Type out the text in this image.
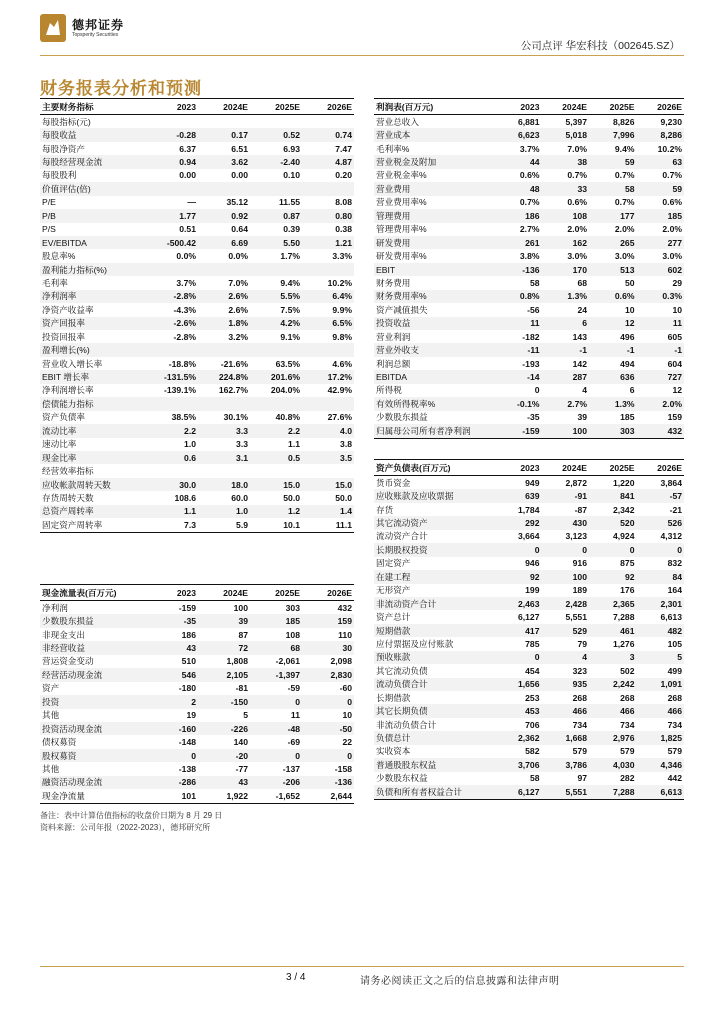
德邦证券
Topsperity Securities
公司点评 华宏科技（002645.SZ）
财务报表分析和预测
主要财务指标	2023	2024E	2025E	2026E
每股指标(元)				
每股收益	-0.28	0.17	0.52	0.74
每股净资产	6.37	6.51	6.93	7.47
每股经营现金流	0.94	3.62	-2.40	4.87
每股股利	0.00	0.00	0.10	0.20
价值评估(倍)				
P/E	—	35.12	11.55	8.08
P/B	1.77	0.92	0.87	0.80
P/S	0.51	0.64	0.39	0.38
EV/EBITDA	-500.42	6.69	5.50	1.21
股息率%	0.0%	0.0%	1.7%	3.3%
盈利能力指标(%)				
毛利率	3.7%	7.0%	9.4%	10.2%
净利润率	-2.8%	2.6%	5.5%	6.4%
净资产收益率	-4.3%	2.6%	7.5%	9.9%
资产回报率	-2.6%	1.8%	4.2%	6.5%
投资回报率	-2.8%	3.2%	9.1%	9.8%
盈利增长(%)				
营业收入增长率	-18.8%	-21.6%	63.5%	4.6%
EBIT 增长率	-131.5%	224.8%	201.6%	17.2%
净利润增长率	-139.1%	162.7%	204.0%	42.9%
偿债能力指标				
资产负债率	38.5%	30.1%	40.8%	27.6%
流动比率	2.2	3.3	2.2	4.0
速动比率	1.0	3.3	1.1	3.8
现金比率	0.6	3.1	0.5	3.5
经营效率指标				
应收帐款周转天数	30.0	18.0	15.0	15.0
存货周转天数	108.6	60.0	50.0	50.0
总资产周转率	1.1	1.0	1.2	1.4
固定资产周转率	7.3	5.9	10.1	11.1
利润表(百万元)	2023	2024E	2025E	2026E
营业总收入	6,881	5,397	8,826	9,230
营业成本	6,623	5,018	7,996	8,286
毛利率%	3.7%	7.0%	9.4%	10.2%
营业税金及附加	44	38	59	63
营业税金率%	0.6%	0.7%	0.7%	0.7%
营业费用	48	33	58	59
营业费用率%	0.7%	0.6%	0.7%	0.6%
管理费用	186	108	177	185
管理费用率%	2.7%	2.0%	2.0%	2.0%
研发费用	261	162	265	277
研发费用率%	3.8%	3.0%	3.0%	3.0%
EBIT	-136	170	513	602
财务费用	58	68	50	29
财务费用率%	0.8%	1.3%	0.6%	0.3%
资产减值损失	-56	24	10	10
投资收益	11	6	12	11
营业利润	-182	143	496	605
营业外收支	-11	-1	-1	-1
利润总额	-193	142	494	604
EBITDA	-14	287	636	727
所得税	0	4	6	12
有效所得税率%	-0.1%	2.7%	1.3%	2.0%
少数股东损益	-35	39	185	159
归属母公司所有者净利润	-159	100	303	432
资产负债表(百万元)	2023	2024E	2025E	2026E
货币资金	949	2,872	1,220	3,864
应收账款及应收票据	639	-91	841	-57
存货	1,784	-87	2,342	-21
其它流动资产	292	430	520	526
流动资产合计	3,664	3,123	4,924	4,312
长期股权投资	0	0	0	0
固定资产	946	916	875	832
在建工程	92	100	92	84
无形资产	199	189	176	164
非流动资产合计	2,463	2,428	2,365	2,301
资产总计	6,127	5,551	7,288	6,613
短期借款	417	529	461	482
应付票据及应付账款	785	79	1,276	105
预收账款	0	4	3	5
其它流动负债	454	323	502	499
流动负债合计	1,656	935	2,242	1,091
长期借款	253	268	268	268
其它长期负债	453	466	466	466
非流动负债合计	706	734	734	734
负债总计	2,362	1,668	2,976	1,825
实收资本	582	579	579	579
普通股股东权益	3,706	3,786	4,030	4,346
少数股东权益	58	97	282	442
负债和所有者权益合计	6,127	5,551	7,288	6,613
现金流量表(百万元)	2023	2024E	2025E	2026E
净利润	-159	100	303	432
少数股东损益	-35	39	185	159
非现金支出	186	87	108	110
非经营收益	43	72	68	30
营运资金变动	510	1,808	-2,061	2,098
经营活动现金流	546	2,105	-1,397	2,830
资产	-180	-81	-59	-60
投资	2	-150	0	0
其他	19	5	11	10
投资活动现金流	-160	-226	-48	-50
债权募资	-148	140	-69	22
股权募资	0	-20	0	0
其他	-138	-77	-137	-158
融资活动现金流	-286	43	-206	-136
现金净流量	101	1,922	-1,652	2,644
备注：表中计算估值指标的收盘价日期为 8 月 29 日
资料来源：公司年报（2022-2023），德邦研究所
3 / 4	请务必阅读正文之后的信息披露和法律声明
